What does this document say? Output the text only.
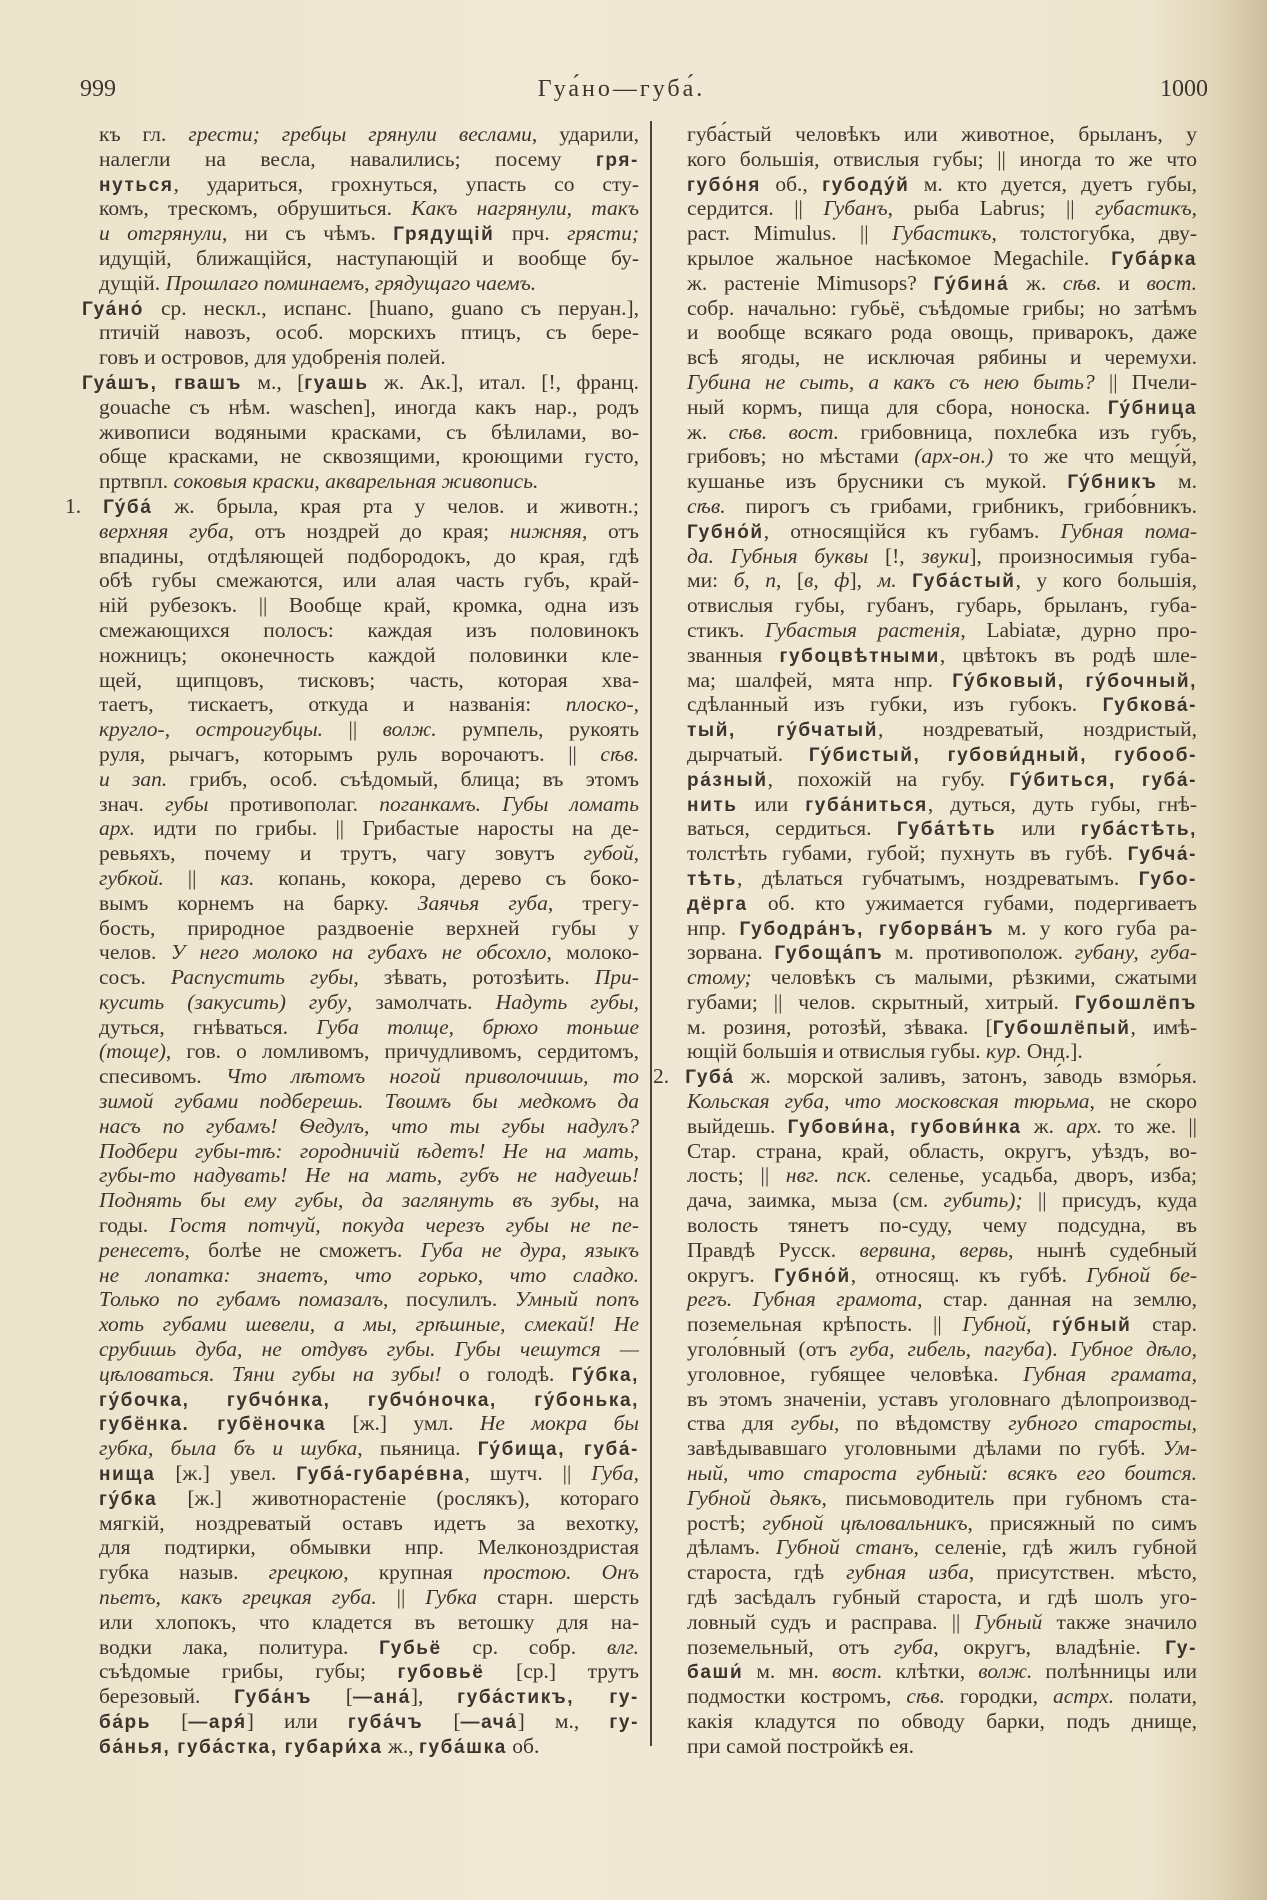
999	Гуа́но—губа́.	1000
къ гл. грести; гребцы грянули веслами, ударили,
налегли на весла, навалились; посему гря-
нуться, удариться, грохнуться, упасть со сту-
комъ, трескомъ, обрушиться. Какъ нагрянули, такъ
и отгрянули, ни съ чѣмъ. Грядущій прч. грясти;
идущій, ближащійся, наступающій и вообще бу-
дущій. Прошлаго поминаемъ, грядущаго чаемъ.
Гуа́но́ ср. нескл., испанс. [huano, guano съ перуан.],
птичій навозъ, особ. морскихъ птицъ, съ бере-
говъ и островов, для удобренія полей.
Гуа́шъ, гвашъ м., [гуашь ж. Ак.], итал. [!, франц.
gouache съ нѣм. waschen], иногда какъ нар., родъ
живописи водяными красками, съ бѣлилами, во-
обще красками, не сквозящими, кроющими густо,
пртвпл. соковыя краски, акварельная живопись.
1. Гу́ба́ ж. брыла, края рта у челов. и животн.;
верхняя губа, отъ ноздрей до края; нижняя, отъ
впадины, отдѣляющей подбородокъ, до края, гдѣ
обѣ губы смежаются, или алая часть губъ, край-
ній рубезокъ. || Вообще край, кромка, одна изъ
смежающихся полосъ: каждая изъ половинокъ
ножницъ; оконечность каждой половинки кле-
щей, щипцовъ, тисковъ; часть, которая хва-
таетъ, тискаетъ, откуда и названія: плоско-,
кругло-, остроигубцы. || волж. румпель, рукоять
руля, рычагъ, которымъ руль ворочаютъ. || сѣв.
и зап. грибъ, особ. съѣдомый, блица; въ этомъ
знач. губы противополаг. поганкамъ. Губы ломать
арх. идти по грибы. || Грибастые наросты на де-
ревьяхъ, почему и трутъ, чагу зовутъ губой,
губкой. || каз. копань, кокора, дерево съ боко-
вымъ корнемъ на барку. Заячья губа, трегу-
бость, природное раздвоеніе верхней губы у
челов. У него молоко на губахъ не обсохло, молоко-
сосъ. Распустить губы, зѣвать, ротозѣить. При-
кусить (закусить) губу, замолчать. Надуть губы,
дуться, гнѣваться. Губа толще, брюхо тоньше
(тоще), гов. о ломливомъ, причудливомъ, сердитомъ,
спесивомъ. Что лѣтомъ ногой приволочишь, то
зимой губами подберешь. Твоимъ бы медкомъ да
насъ по губамъ! Ѳедулъ, что ты губы надулъ?
Подбери губы-тѣ: городничій ѣдетъ! Не на мать,
губы-то надувать! Не на мать, губъ не надуешь!
Поднять бы ему губы, да заглянуть въ зубы, на
годы. Гостя потчуй, покуда черезъ губы не пе-
ренесетъ, болѣе не сможетъ. Губа не дура, языкъ
не лопатка: знаетъ, что горько, что сладко.
Только по губамъ помазалъ, посулилъ. Умный попъ
хоть губами шевели, а мы, грѣшные, смекай! Не
срубишь дуба, не отдувъ губы. Губы чешутся —
цѣловаться. Тяни губы на зубы! о голодѣ. Гу́бка,
гу́бочка, губчо́нка, губчо́ночка, гу́бонька,
губёнка. губёночка [ж.] умл. Не мокра бы
губка, была бъ и шубка, пьяница. Гу́бища, губа́-
нища [ж.] увел. Губа́-губаре́вна, шутч. || Губа,
гу́бка [ж.] животнорастеніе (рослякъ), котораго
мягкій, ноздреватый оставъ идетъ за вехотку,
для подтирки, обмывки нпр. Мелконоздристая
губка назыв. грецкою, крупная простою. Онъ
пьетъ, какъ грецкая губа. || Губка старн. шерсть
или хлопокъ, что кладется въ ветошку для на-
водки лака, политура. Губьё ср. собр. влг.
съѣдомые грибы, губы; губовьё [ср.] трутъ
березовый. Губа́нъ [—ана́], губа́стикъ, гу-
ба́рь [—аря́] или губа́чъ [—ача́] м., гу-
ба́нья, губа́стка, губари́ха ж., губа́шка об.
губа́стый человѣкъ или животное, брыланъ, у
кого большія, отвислыя губы; || иногда то же что
губо́ня об., губоду́й м. кто дуется, дуетъ губы,
сердится. || Губанъ, рыба Labrus; || губастикъ,
раст. Mimulus. || Губастикъ, толстогубка, дву-
крылое жальное насѣкомое Megachile. Губа́рка
ж. растеніе Mimusops? Гу́бина́ ж. сѣв. и вост.
собр. начально: губьё, съѣдомые грибы; но затѣмъ
и вообще всякаго рода овощь, приварокъ, даже
всѣ ягоды, не исключая рябины и черемухи.
Губина не сыть, а какъ съ нею быть? || Пчели-
ный кормъ, пища для сбора, ноноска. Гу́бница
ж. сѣв. вост. грибовница, похлебка изъ губъ,
грибовъ; но мѣстами (арх-он.) то же что мещу́й,
кушанье изъ брусники съ мукой. Гу́бникъ м.
сѣв. пирогъ съ грибами, грибникъ, грибо́вникъ.
Губно́й, относящійся къ губамъ. Губная пома-
да. Губныя буквы [!, звуки], произносимыя губа-
ми: б, п, [в, ф], м. Губа́стый, у кого большія,
отвислыя губы, губанъ, губарь, брыланъ, губа-
стикъ. Губастыя растенія, Labiatæ, дурно про-
званныя губоцвѣтными, цвѣтокъ въ родѣ шле-
ма; шалфей, мята нпр. Гу́бковый, гу́бочный,
сдѣланный изъ губки, изъ губокъ. Губкова́-
тый, гу́бчатый, ноздреватый, ноздристый,
дырчатый. Гу́бистый, губови́дный, губооб-
ра́зный, похожій на губу. Гу́биться, губа́-
нить или губа́ниться, дуться, дуть губы, гнѣ-
ваться, сердиться. Губа́тѣть или губа́стѣть,
толстѣть губами, губой; пухнуть въ губѣ. Губча́-
тѣть, дѣлаться губчатымъ, ноздреватымъ. Губо-
дёрга об. кто ужимается губами, подергиваетъ
нпр. Губодра́нъ, губорва́нъ м. у кого губа ра-
зорвана. Губоща́пъ м. противополож. губану, губа-
стому; человѣкъ съ малыми, рѣзкими, сжатыми
губами; || челов. скрытный, хитрый. Губошлёпъ
м. розиня, ротозѣй, зѣвака. [Губошлёпый, имѣ-
ющій большія и отвислыя губы. кур. Онд.].
2. Губа́ ж. морской заливъ, затонъ, за́водь взмо́рья.
Кольская губа, что московская тюрьма, не скоро
выйдешь. Губови́на, губови́нка ж. арх. то же. ||
Стар. страна, край, область, округъ, уѣздъ, во-
лость; || нвг. пск. селенье, усадьба, дворъ, изба;
дача, заимка, мыза (см. губить); || присудъ, куда
волость тянетъ по-суду, чему подсудна, въ
Правдѣ Русск. вервина, вервь, нынѣ судебный
округъ. Губно́й, относящ. къ губѣ. Губной бе-
регъ. Губная грамота, стар. данная на землю,
поземельная крѣпость. || Губной, гу́бный стар.
уголо́вный (отъ губа, гибель, пагуба). Губное дѣло,
уголовное, губящее человѣка. Губная грамата,
въ этомъ значеніи, уставъ уголовнаго дѣлопроизвод-
ства для губы, по вѣдомству губного старосты,
завѣдывавшаго уголовными дѣлами по губѣ. Ум-
ный, что староста губный: всякъ его боится.
Губной дьякъ, письмоводитель при губномъ ста-
ростѣ; губной цѣловальникъ, присяжный по симъ
дѣламъ. Губной станъ, селеніе, гдѣ жилъ губной
староста, гдѣ губная изба, присутствен. мѣсто,
гдѣ засѣдалъ губный староста, и гдѣ шолъ уго-
ловный судъ и расправа. || Губный также значило
поземельный, отъ губа, округъ, владѣніе. Гу-
баши́ м. мн. вост. клѣтки, волж. полѣнницы или
подмостки костромъ, сѣв. городки, астрх. полати,
какія кладутся по обводу барки, подъ днище,
при самой постройкѣ ея.
